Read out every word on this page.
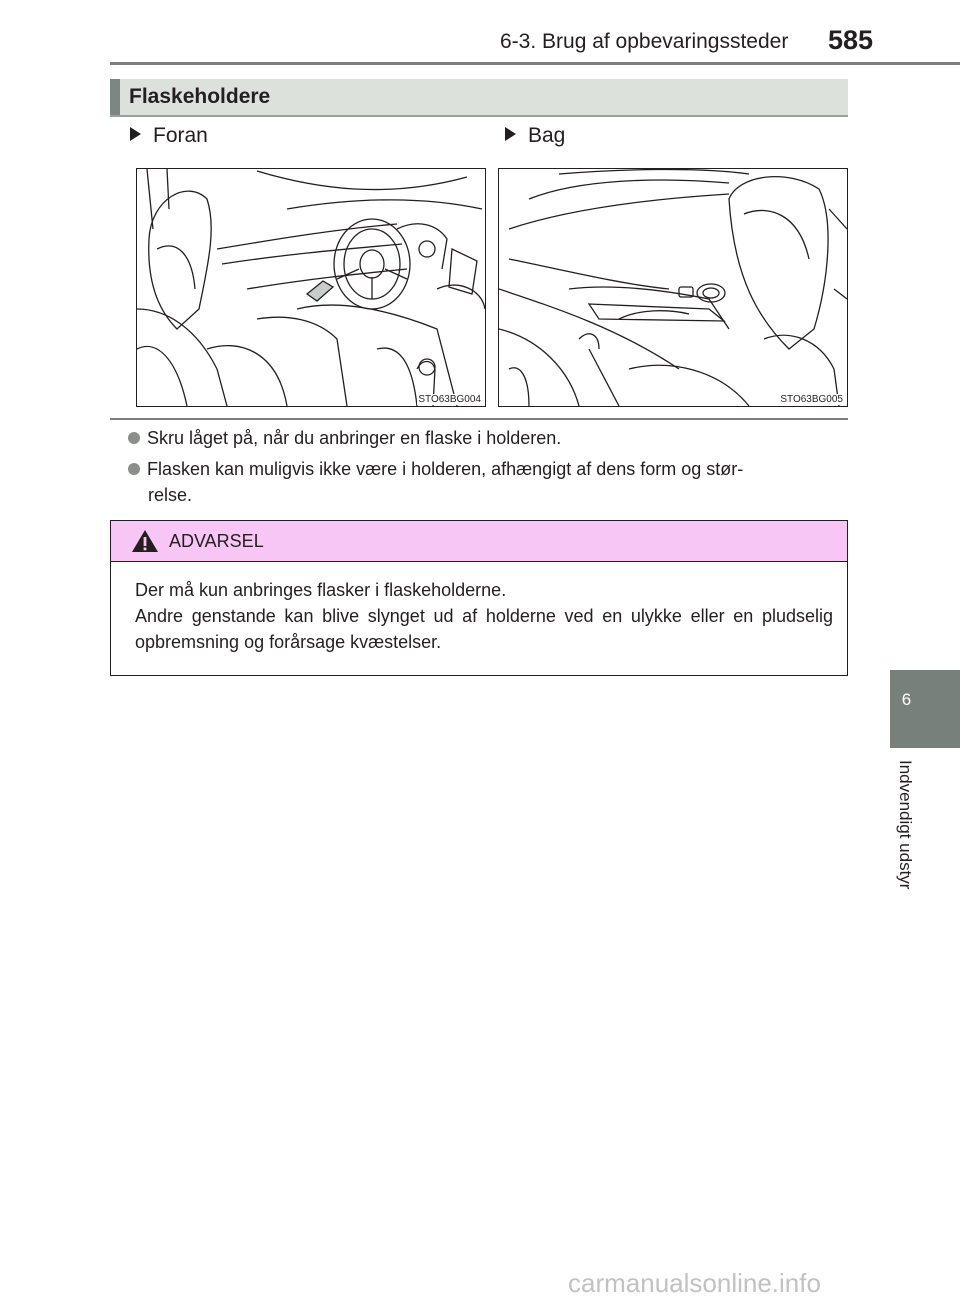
6-3. Brug af opbevaringssteder 585
6
Indvendigt udstyr
Flaskeholdere
Foran	Bag
STO63BG004	STO63BG005
Skru låget på, når du anbringer en flaske i holderen.
Flasken kan muligvis ikke være i holderen, afhængigt af dens form og stør-
relse.
ADVARSEL

Der må kun anbringes flasker i flaskeholderne.

Andre genstande kan blive slynget ud af holderne ved en ulykke eller en pludselig opbremsning og forårsage kvæstelser.

carmanualsonline.info
